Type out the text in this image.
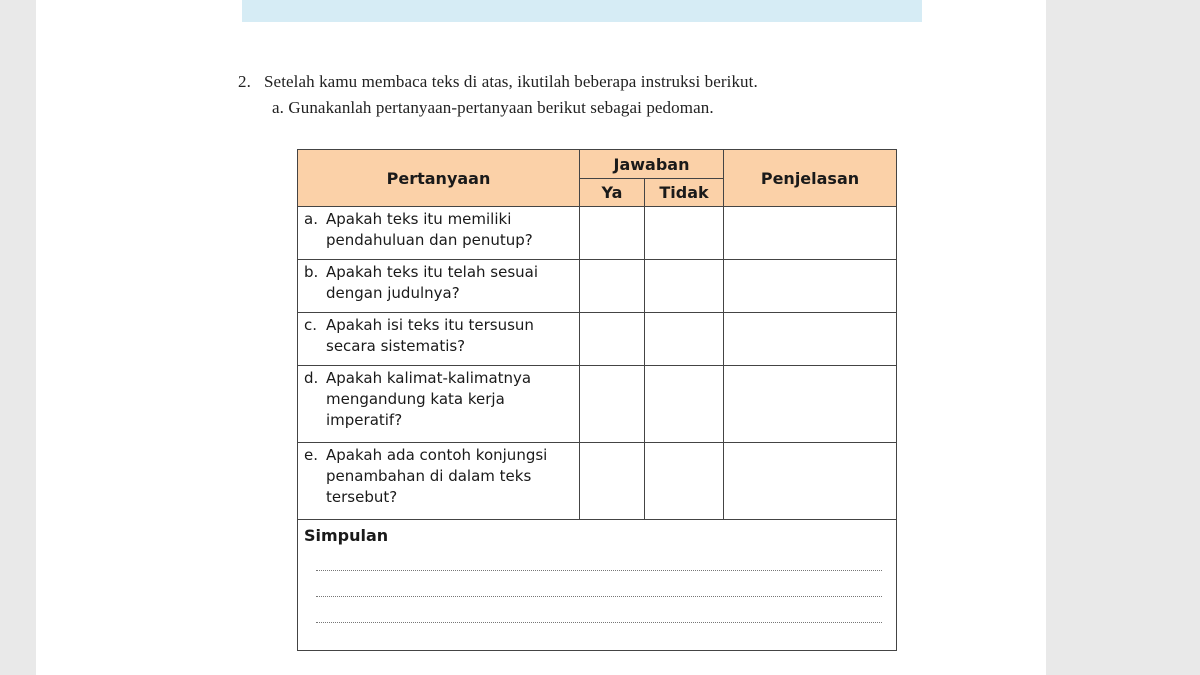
2. Setelah kamu membaca teks di atas, ikutilah beberapa instruksi berikut.
a. Gunakanlah pertanyaan-pertanyaan berikut sebagai pedoman.
Pertanyaan	Jawaban		Penjelasan
	Ya	Tidak	

a. Apakah teks itu memiliki pendahuluan dan penutup?			

b. Apakah teks itu telah sesuai dengan judulnya?			

c. Apakah isi teks itu tersusun secara sistematis?			

d. Apakah kalimat-kalimatnya mengandung kata kerja imperatif?			

e. Apakah ada contoh konjungsi penambahan di dalam teks tersebut?			

Simpulan			
